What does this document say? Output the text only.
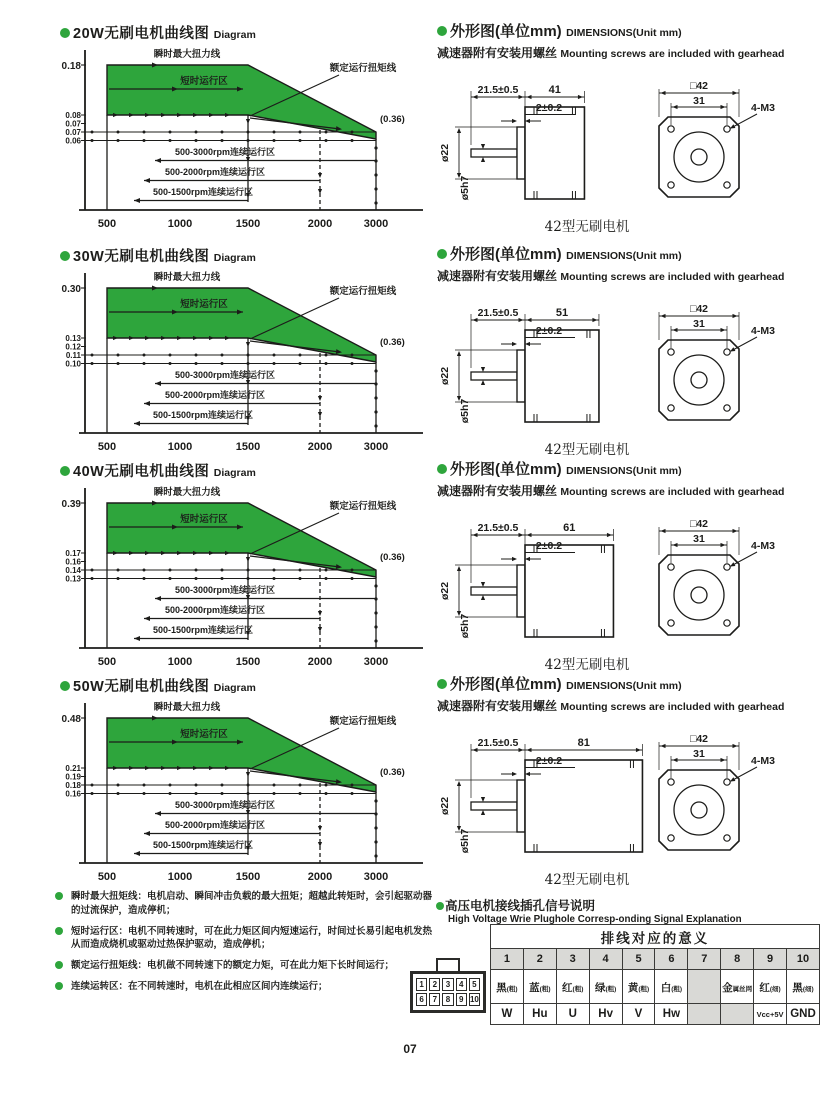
20W无刷电机曲线图 Diagram
0.18
0.08
0.07
0.07
0.06
短时运行区
瞬时最大扭力线
额定运行扭矩线
(0.36)
500-3000rpm连续运行区
500-2000rpm连续运行区
500-1500rpm连续运行区
500	1000	1500	2000	3000
30W无刷电机曲线图 Diagram
0.30
0.13
0.12
0.11
0.10
短时运行区
瞬时最大扭力线
额定运行扭矩线
(0.36)
500-3000rpm连续运行区
500-2000rpm连续运行区
500-1500rpm连续运行区
500	1000	1500	2000	3000
40W无刷电机曲线图 Diagram
0.39
0.17
0.16
0.14
0.13
短时运行区
瞬时最大扭力线
额定运行扭矩线
(0.36)
500-3000rpm连续运行区
500-2000rpm连续运行区
500-1500rpm连续运行区
500	1000	1500	2000	3000
50W无刷电机曲线图 Diagram
0.48
0.21
0.19
0.18
0.16
短时运行区
瞬时最大扭力线
额定运行扭矩线
(0.36)
500-3000rpm连续运行区
500-2000rpm连续运行区
500-1500rpm连续运行区
500	1000	1500	2000	3000
外形图(单位mm) DIMENSIONS(Unit mm)
减速器附有安装用螺丝 Mounting screws are included with gearhead
21.5±0.5	41
2±0.2
ø22
ø5h7
□42
31
4-M3
42型无刷电机
外形图(单位mm) DIMENSIONS(Unit mm)
减速器附有安装用螺丝 Mounting screws are included with gearhead
21.5±0.5	51
2±0.2
ø22
ø5h7
□42
31
4-M3
42型无刷电机
外形图(单位mm) DIMENSIONS(Unit mm)
减速器附有安装用螺丝 Mounting screws are included with gearhead
21.5±0.5	61
2±0.2
ø22
ø5h7
□42
31
4-M3
42型无刷电机
外形图(单位mm) DIMENSIONS(Unit mm)
减速器附有安装用螺丝 Mounting screws are included with gearhead
21.5±0.5	81
2±0.2
ø22
ø5h7
□42
31
4-M3
42型无刷电机

瞬时最大扭矩线：电机启动、瞬间冲击负载的最大扭矩；超越此转矩时，会引起驱动器的过流保护，造成停机；

短时运行区：电机不同转速时，可在此力矩区间内短速运行，时间过长易引起电机发热从而造成烧机或驱动过热保护驱动，造成停机；

额定运行扭矩线：电机做不同转速下的额定力矩，可在此力矩下长时间运行；

连续运转区：在不同转速时，电机在此相应区间内连续运行；

高压电机接线插孔信号说明
High Voltage Wrie Plughole Corresp-onding Signal Explanation
1	2	3	4	5
6	7	8	9 10
排线对应的意义									
1	2	3	4	5	6	7	8	9	10
黑(粗)	蓝(粗)	红(粗)	绿(粗)	黄(粗)	白(粗)		金属丝网	红(细)	黑(细)
W	Hu	U	Hv	V	Hw			Vcc+5V	GND
07
